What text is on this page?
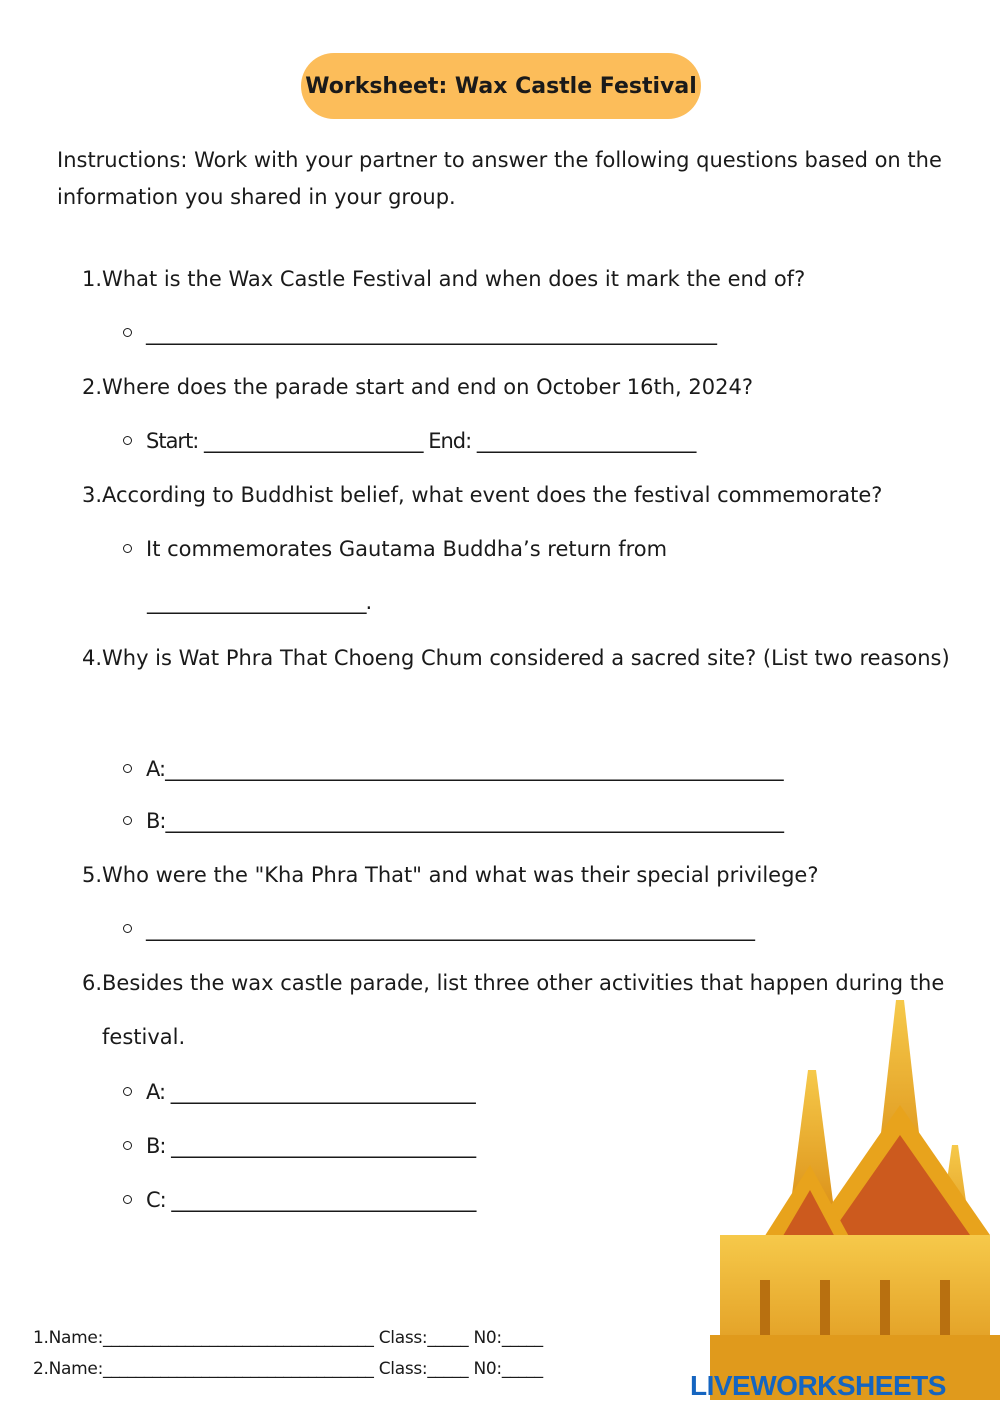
Worksheet: Wax Castle Festival
Instructions: Work with your partner to answer the following questions based on the information you shared in your group.
1. What is the Wax Castle Festival and when does it mark the end of?
____________________________________________________________
2. Where does the parade start and end on October 16th, 2024?
Start: _______________________ End: _______________________
3. According to Buddhist belief, what event does the festival commemorate?
It commemorates Gautama Buddha’s return from
_______________________.
4. Why is Wat Phra That Choeng Chum considered a sacred site? (List two reasons)
A:_________________________________________________________________
B:_________________________________________________________________
5. Who were the "Kha Phra That" and what was their special privilege?
________________________________________________________________
6. Besides the wax castle parade, list three other activities that happen during the festival.
A: ________________________________
B: ________________________________
C: ________________________________
1.Name:_________________________________ Class:_____ N0:_____
2.Name:_________________________________ Class:_____ N0:_____
LIVEWORKSHEETS
